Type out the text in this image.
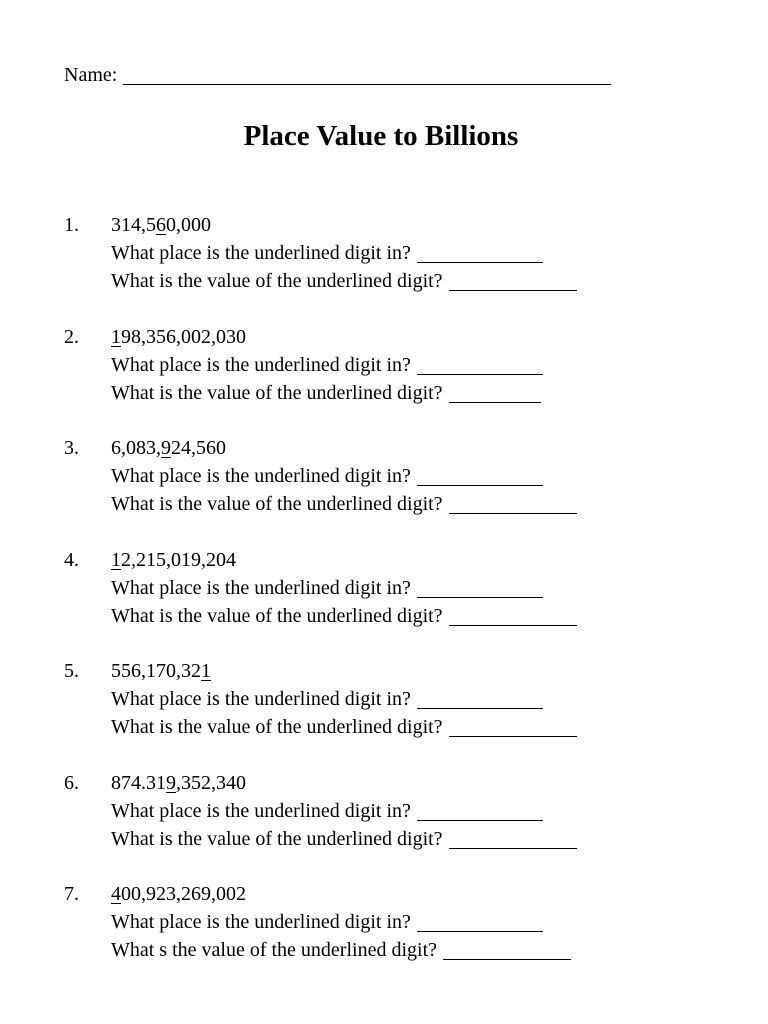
Name:
Place Value to Billions
1. 314,560,000
What place is the underlined digit in?
What is the value of the underlined digit?
2. 198,356,002,030
What place is the underlined digit in?
What is the value of the underlined digit?
3. 6,083,924,560
What place is the underlined digit in?
What is the value of the underlined digit?
4. 12,215,019,204
What place is the underlined digit in?
What is the value of the underlined digit?
5. 556,170,321
What place is the underlined digit in?
What is the value of the underlined digit?
6. 874.319,352,340
What place is the underlined digit in?
What is the value of the underlined digit?
7. 400,923,269,002
What place is the underlined digit in?
What s the value of the underlined digit?
